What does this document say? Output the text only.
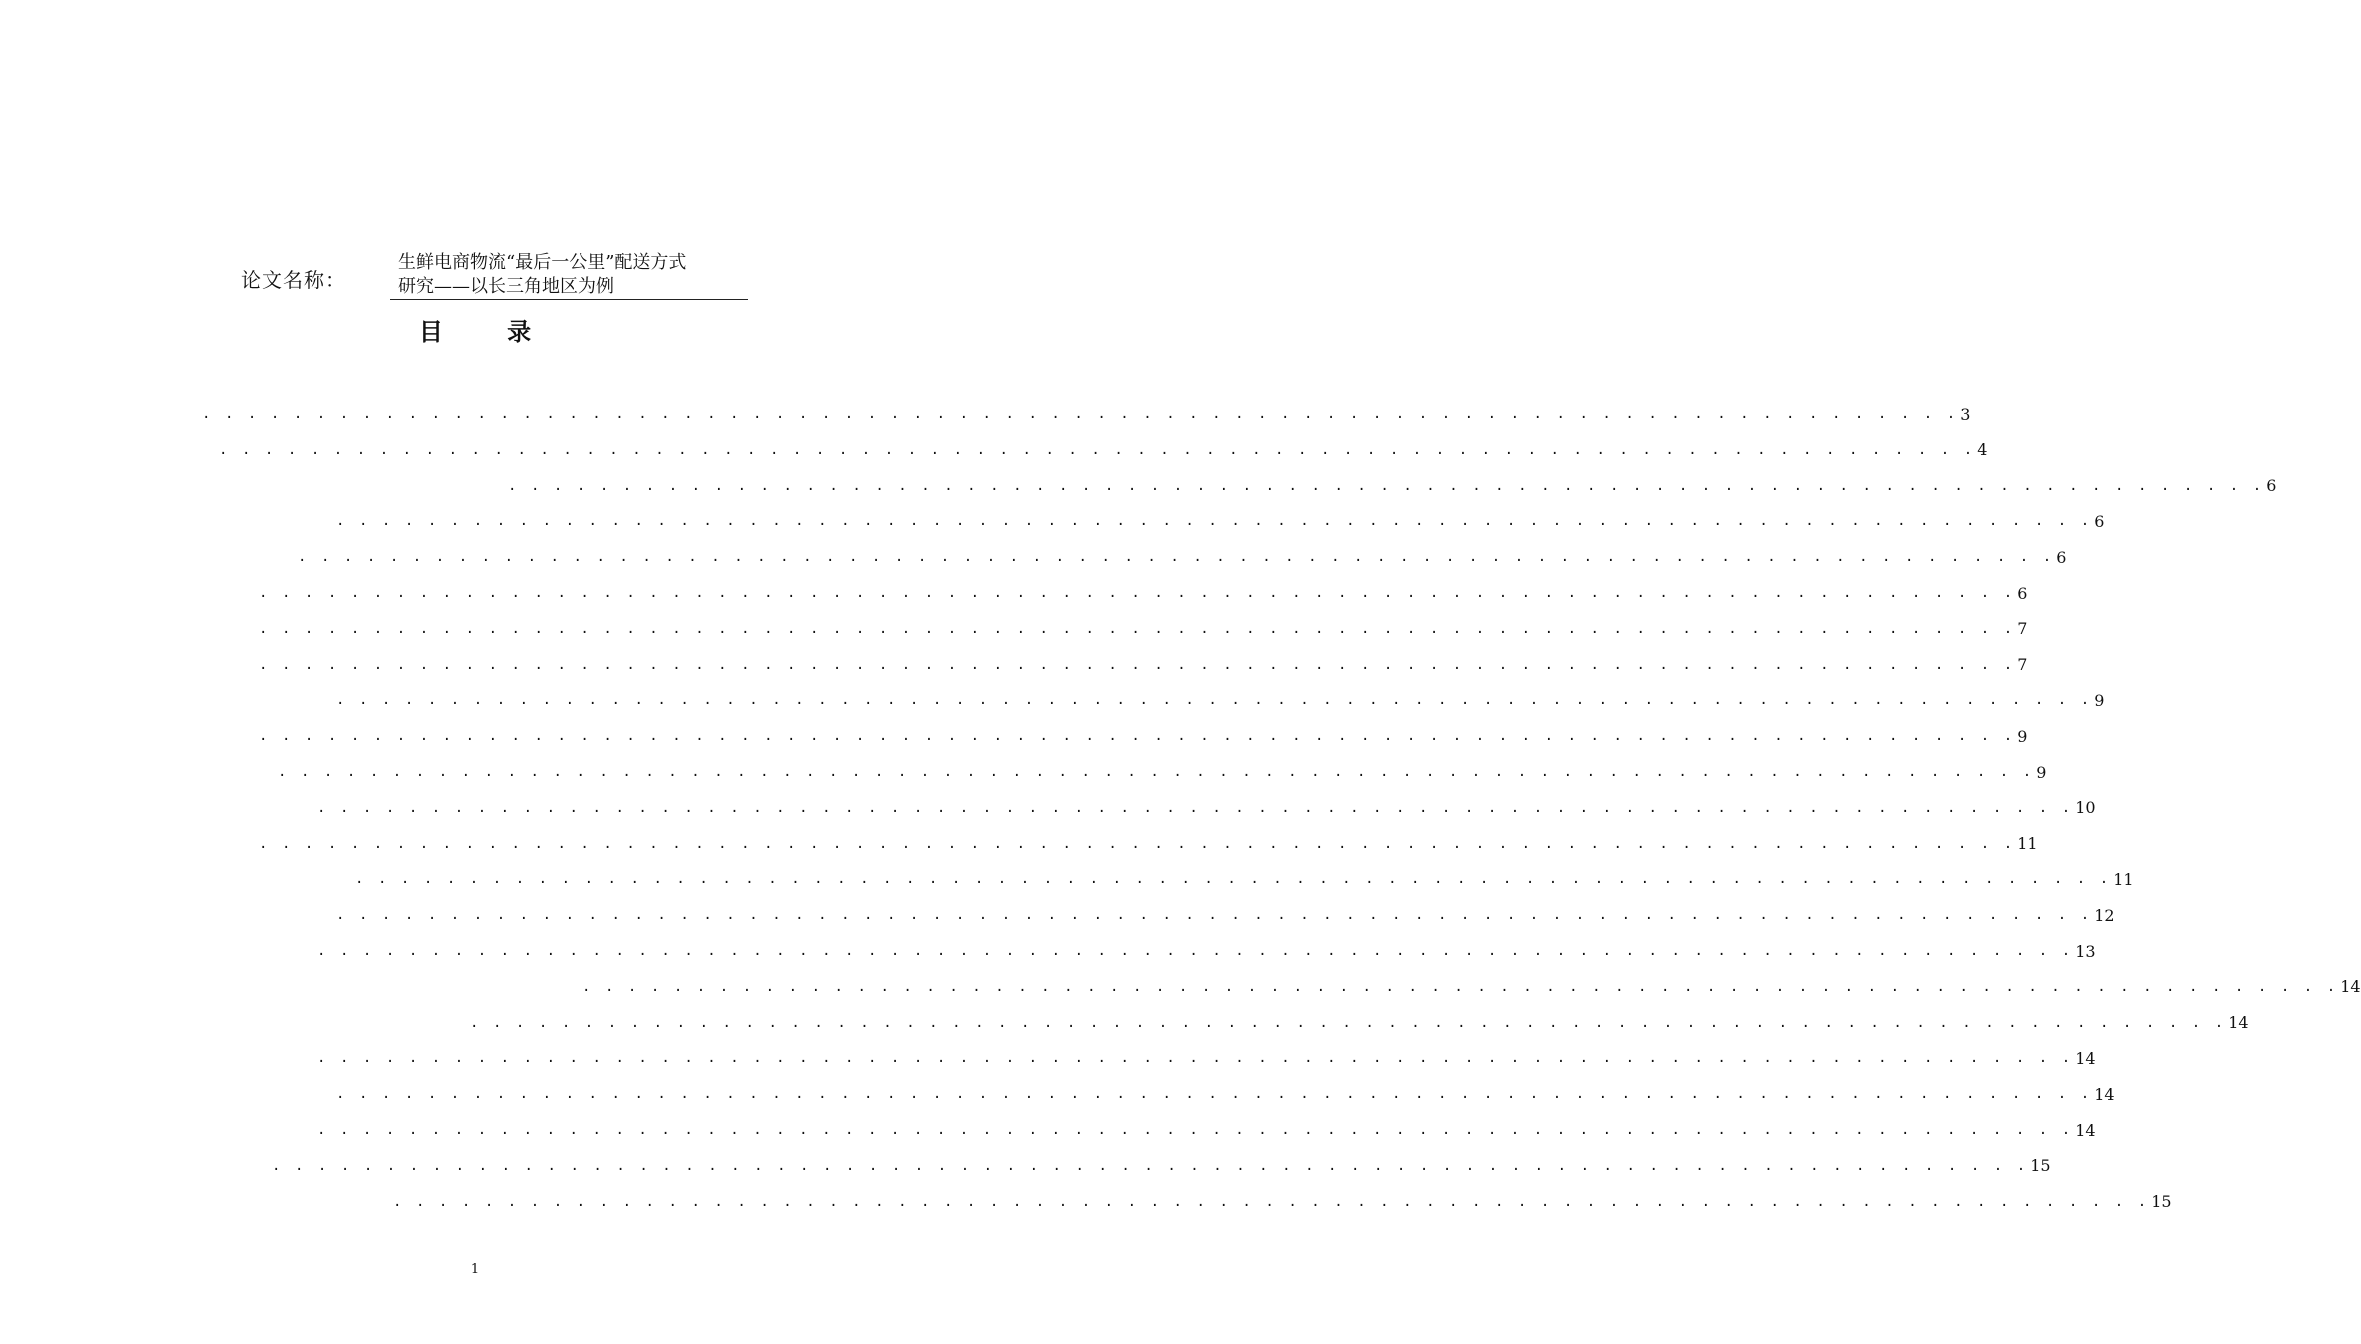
论文名称：
生鲜电商物流“最后一公里”配送方式
研究——以长三角地区为例
目 录
. . . . . . . . . . . . . . . . . . . . . . . . . . . . . . . . . . . . . . . . . . . . . . . . . . . . . . . . . . . . . . . . . . . . . . . . . . . . . 3
. . . . . . . . . . . . . . . . . . . . . . . . . . . . . . . . . . . . . . . . . . . . . . . . . . . . . . . . . . . . . . . . . . . . . . . . . . . . . 4
. . . . . . . . . . . . . . . . . . . . . . . . . . . . . . . . . . . . . . . . . . . . . . . . . . . . . . . . . . . . . . . . . . . . . . . . . . . . . 6
. . . . . . . . . . . . . . . . . . . . . . . . . . . . . . . . . . . . . . . . . . . . . . . . . . . . . . . . . . . . . . . . . . . . . . . . . . . . . 6
. . . . . . . . . . . . . . . . . . . . . . . . . . . . . . . . . . . . . . . . . . . . . . . . . . . . . . . . . . . . . . . . . . . . . . . . . . . . . 6
. . . . . . . . . . . . . . . . . . . . . . . . . . . . . . . . . . . . . . . . . . . . . . . . . . . . . . . . . . . . . . . . . . . . . . . . . . . . . 6
. . . . . . . . . . . . . . . . . . . . . . . . . . . . . . . . . . . . . . . . . . . . . . . . . . . . . . . . . . . . . . . . . . . . . . . . . . . . . 7
. . . . . . . . . . . . . . . . . . . . . . . . . . . . . . . . . . . . . . . . . . . . . . . . . . . . . . . . . . . . . . . . . . . . . . . . . . . . . 7
. . . . . . . . . . . . . . . . . . . . . . . . . . . . . . . . . . . . . . . . . . . . . . . . . . . . . . . . . . . . . . . . . . . . . . . . . . . . . 9
. . . . . . . . . . . . . . . . . . . . . . . . . . . . . . . . . . . . . . . . . . . . . . . . . . . . . . . . . . . . . . . . . . . . . . . . . . . . . 9
. . . . . . . . . . . . . . . . . . . . . . . . . . . . . . . . . . . . . . . . . . . . . . . . . . . . . . . . . . . . . . . . . . . . . . . . . . . . . 9
. . . . . . . . . . . . . . . . . . . . . . . . . . . . . . . . . . . . . . . . . . . . . . . . . . . . . . . . . . . . . . . . . . . . . . . . . . . . . 10
. . . . . . . . . . . . . . . . . . . . . . . . . . . . . . . . . . . . . . . . . . . . . . . . . . . . . . . . . . . . . . . . . . . . . . . . . . . . . 11
. . . . . . . . . . . . . . . . . . . . . . . . . . . . . . . . . . . . . . . . . . . . . . . . . . . . . . . . . . . . . . . . . . . . . . . . . . . . . 11
. . . . . . . . . . . . . . . . . . . . . . . . . . . . . . . . . . . . . . . . . . . . . . . . . . . . . . . . . . . . . . . . . . . . . . . . . . . . . 12
. . . . . . . . . . . . . . . . . . . . . . . . . . . . . . . . . . . . . . . . . . . . . . . . . . . . . . . . . . . . . . . . . . . . . . . . . . . . . 13
. . . . . . . . . . . . . . . . . . . . . . . . . . . . . . . . . . . . . . . . . . . . . . . . . . . . . . . . . . . . . . . . . . . . . . . . . . . . . 14
. . . . . . . . . . . . . . . . . . . . . . . . . . . . . . . . . . . . . . . . . . . . . . . . . . . . . . . . . . . . . . . . . . . . . . . . . . . . . 14
. . . . . . . . . . . . . . . . . . . . . . . . . . . . . . . . . . . . . . . . . . . . . . . . . . . . . . . . . . . . . . . . . . . . . . . . . . . . . 14
. . . . . . . . . . . . . . . . . . . . . . . . . . . . . . . . . . . . . . . . . . . . . . . . . . . . . . . . . . . . . . . . . . . . . . . . . . . . . 14
. . . . . . . . . . . . . . . . . . . . . . . . . . . . . . . . . . . . . . . . . . . . . . . . . . . . . . . . . . . . . . . . . . . . . . . . . . . . . 14
. . . . . . . . . . . . . . . . . . . . . . . . . . . . . . . . . . . . . . . . . . . . . . . . . . . . . . . . . . . . . . . . . . . . . . . . . . . . . 15
. . . . . . . . . . . . . . . . . . . . . . . . . . . . . . . . . . . . . . . . . . . . . . . . . . . . . . . . . . . . . . . . . . . . . . . . . . . . . 15
1
